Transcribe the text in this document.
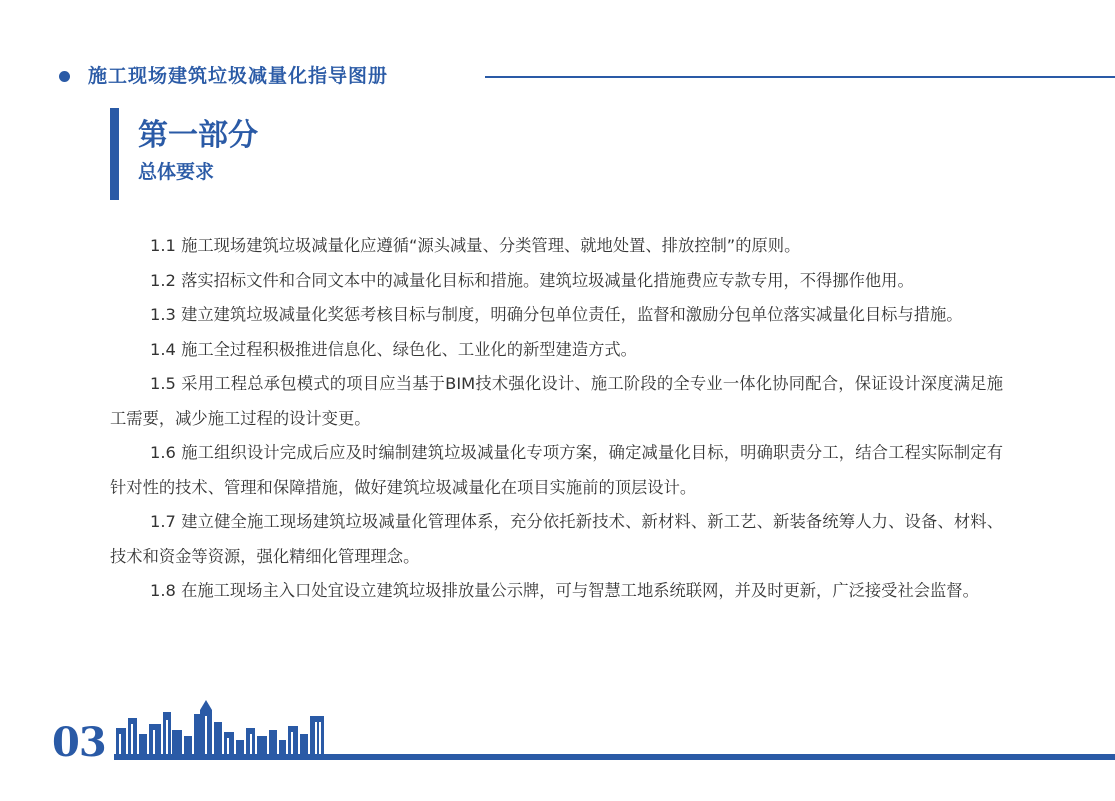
施工现场建筑垃圾减量化指导图册
第一部分
总体要求

1.1 施工现场建筑垃圾减量化应遵循“源头减量、分类管理、就地处置、排放控制”的原则。

1.2 落实招标文件和合同文本中的减量化目标和措施。建筑垃圾减量化措施费应专款专用，不得挪作他用。

1.3 建立建筑垃圾减量化奖惩考核目标与制度，明确分包单位责任，监督和激励分包单位落实减量化目标与措施。

1.4 施工全过程积极推进信息化、绿色化、工业化的新型建造方式。

1.5 采用工程总承包模式的项目应当基于BIM技术强化设计、施工阶段的全专业一体化协同配合，保证设计深度满足施工需要，减少施工过程的设计变更。

1.6 施工组织设计完成后应及时编制建筑垃圾减量化专项方案，确定减量化目标，明确职责分工，结合工程实际制定有针对性的技术、管理和保障措施，做好建筑垃圾减量化在项目实施前的顶层设计。

1.7 建立健全施工现场建筑垃圾减量化管理体系，充分依托新技术、新材料、新工艺、新装备统筹人力、设备、材料、技术和资金等资源，强化精细化管理理念。

1.8 在施工现场主入口处宜设立建筑垃圾排放量公示牌，可与智慧工地系统联网，并及时更新，广泛接受社会监督。

03
